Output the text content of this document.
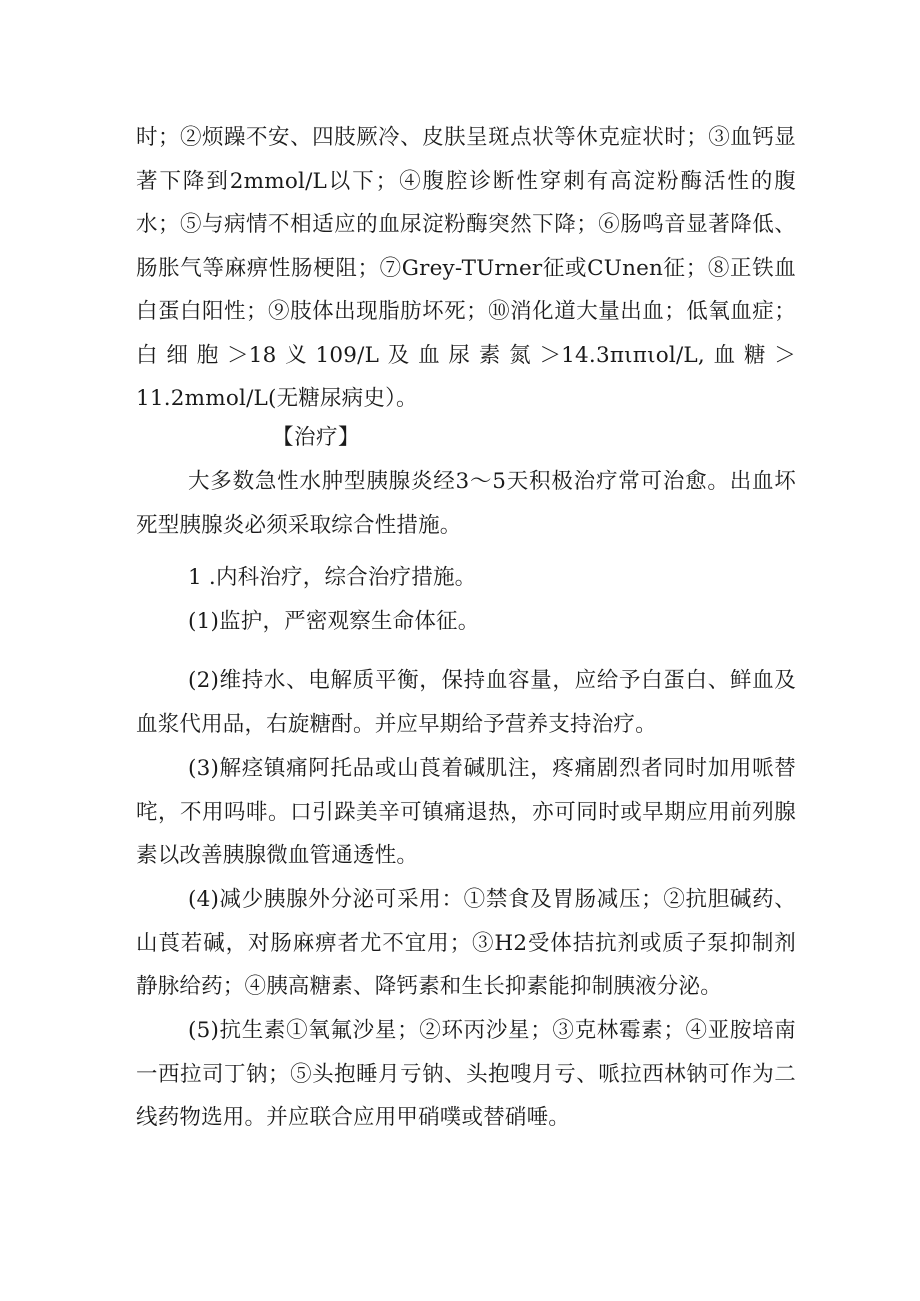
时；②烦躁不安、四肢厥冷、皮肤呈斑点状等休克症状时；③血钙显著下降到2mmol/L以下；④腹腔诊断性穿刺有高淀粉酶活性的腹水；⑤与病情不相适应的血尿淀粉酶突然下降；⑥肠鸣音显著降低、肠胀气等麻痹性肠梗阻；⑦Grey-TUrner征或CUnen征；⑧正铁血白蛋白阳性；⑨肢体出现脂肪坏死；⑩消化道大量出血；低氧血症；白细胞＞18义109/L及血尿素氮＞14.3πιπιol/L,血糖＞11.2mmol/L(无糖尿病史）。

【治疗】

大多数急性水肿型胰腺炎经3～5天积极治疗常可治愈。出血坏死型胰腺炎必须采取综合性措施。

1 .内科治疗，综合治疗措施。

(1)监护，严密观察生命体征。

(2)维持水、电解质平衡，保持血容量，应给予白蛋白、鲜血及血浆代用品，右旋糖酎。并应早期给予营养支持治疗。

(3)解痉镇痛阿托品或山莨着碱肌注，疼痛剧烈者同时加用哌替咤，不用吗啡。口引跺美辛可镇痛退热，亦可同时或早期应用前列腺素以改善胰腺微血管通透性。

(4)减少胰腺外分泌可采用：①禁食及胃肠减压；②抗胆碱药、山莨若碱，对肠麻痹者尤不宜用；③H2受体拮抗剂或质子泵抑制剂静脉给药；④胰高糖素、降钙素和生长抑素能抑制胰液分泌。

(5)抗生素①氧氟沙星；②环丙沙星；③克林霉素；④亚胺培南一西拉司丁钠；⑤头抱睡月亏钠、头抱嗖月亏、哌拉西林钠可作为二线药物选用。并应联合应用甲硝噗或替硝唾。
